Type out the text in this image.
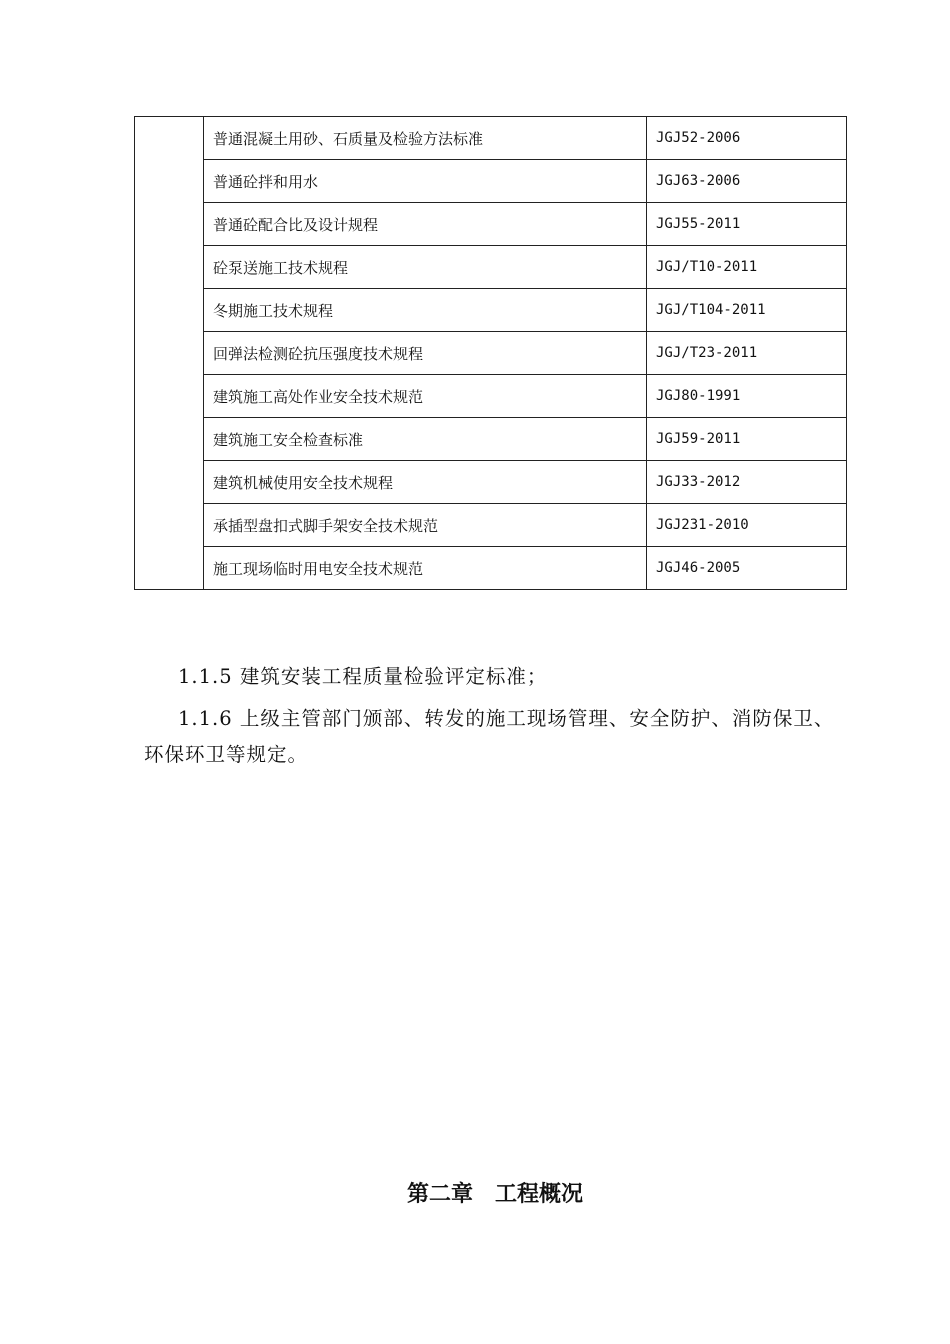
	普通混凝土用砂、石质量及检验方法标准	JGJ52-2006
	普通砼拌和用水	JGJ63-2006
	普通砼配合比及设计规程	JGJ55-2011
	砼泵送施工技术规程	JGJ/T10-2011
	冬期施工技术规程	JGJ/T104-2011
	回弹法检测砼抗压强度技术规程	JGJ/T23-2011
	建筑施工高处作业安全技术规范	JGJ80-1991
	建筑施工安全检查标准	JGJ59-2011
	建筑机械使用安全技术规程	JGJ33-2012
	承插型盘扣式脚手架安全技术规范	JGJ231-2010
	施工现场临时用电安全技术规范	JGJ46-2005

1.1.5 建筑安装工程质量检验评定标准；

1.1.6 上级主管部门颁部、转发的施工现场管理、安全防护、消防保卫、环保环卫等规定。

第二章　工程概况
